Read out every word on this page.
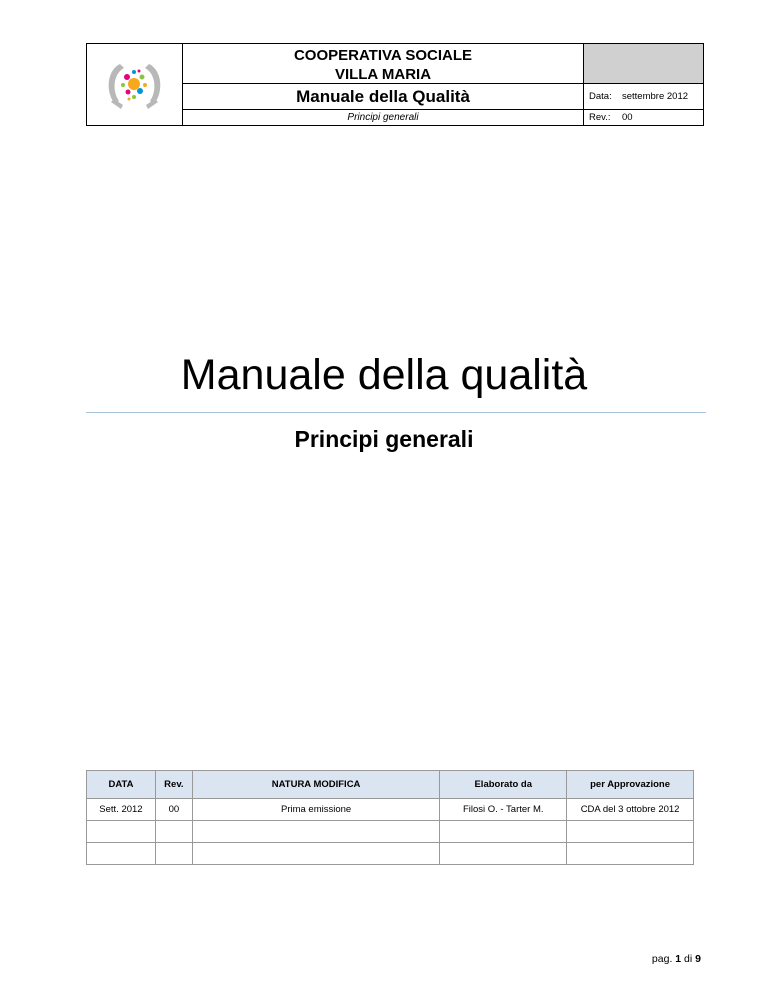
COOPERATIVA SOCIALE
VILLA MARIA
Manuale della Qualità
Principi generali
Data: settembre 2012
Rev.: 00
Manuale della qualità
Principi generali
DATA	Rev.	NATURA MODIFICA	Elaborato da	per Approvazione
Sett. 2012	00	Prima emissione	Filosi O. - Tarter M.	CDA del 3 ottobre 2012

pag. 1 di 9
